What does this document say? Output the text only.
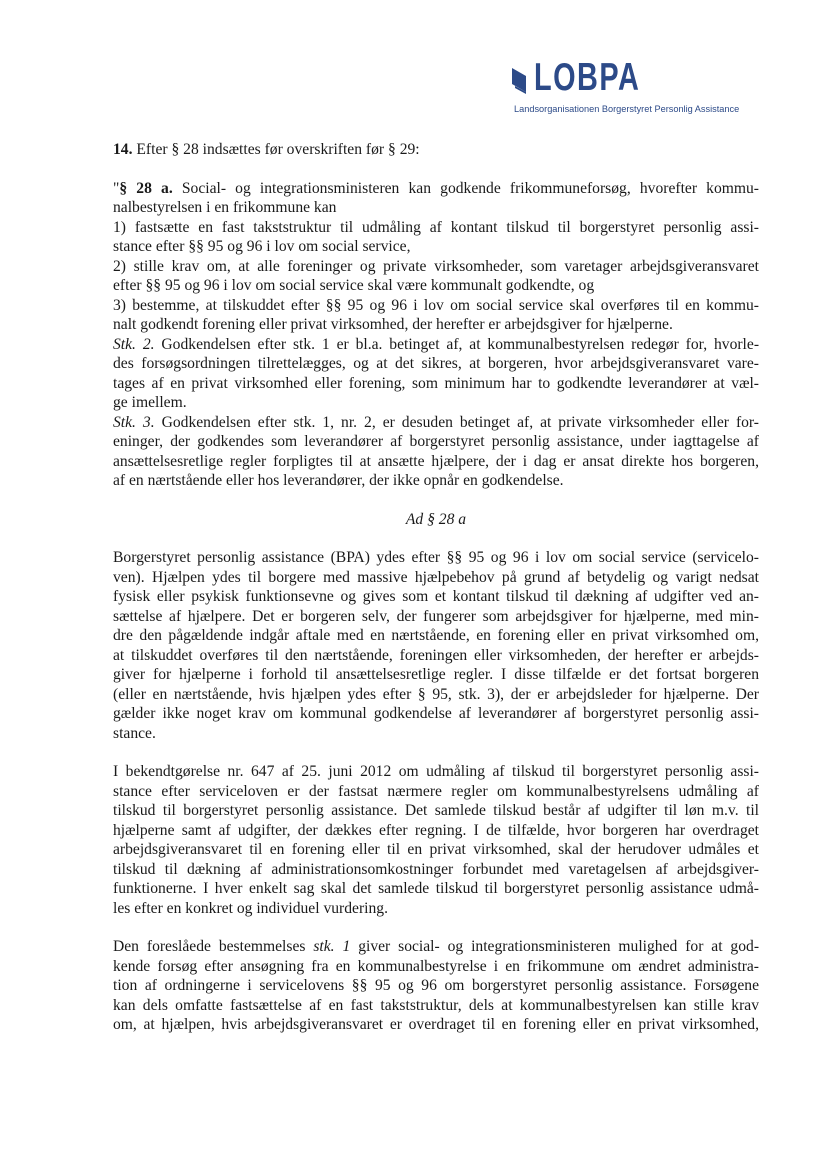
LOBPA
Landsorganisationen Borgerstyret Personlig Assistance
14. Efter § 28 indsættes før overskriften før § 29:
"§ 28 a. Social- og integrationsministeren kan godkende frikommuneforsøg, hvorefter kommu-
nalbestyrelsen i en frikommune kan
1) fastsætte en fast takststruktur til udmåling af kontant tilskud til borgerstyret personlig assi-
stance efter §§ 95 og 96 i lov om social service,
2) stille krav om, at alle foreninger og private virksomheder, som varetager arbejdsgiveransvaret
efter §§ 95 og 96 i lov om social service skal være kommunalt godkendte, og
3) bestemme, at tilskuddet efter §§ 95 og 96 i lov om social service skal overføres til en kommu-
nalt godkendt forening eller privat virksomhed, der herefter er arbejdsgiver for hjælperne.
Stk. 2. Godkendelsen efter stk. 1 er bl.a. betinget af, at kommunalbestyrelsen redegør for, hvorle-
des forsøgsordningen tilrettelægges, og at det sikres, at borgeren, hvor arbejdsgiveransvaret vare-
tages af en privat virksomhed eller forening, som minimum har to godkendte leverandører at væl-
ge imellem.
Stk. 3. Godkendelsen efter stk. 1, nr. 2, er desuden betinget af, at private virksomheder eller for-
eninger, der godkendes som leverandører af borgerstyret personlig assistance, under iagttagelse af
ansættelsesretlige regler forpligtes til at ansætte hjælpere, der i dag er ansat direkte hos borgeren,
af en nærtstående eller hos leverandører, der ikke opnår en godkendelse.
Ad § 28 a
Borgerstyret personlig assistance (BPA) ydes efter §§ 95 og 96 i lov om social service (servicelo-
ven). Hjælpen ydes til borgere med massive hjælpebehov på grund af betydelig og varigt nedsat
fysisk eller psykisk funktionsevne og gives som et kontant tilskud til dækning af udgifter ved an-
sættelse af hjælpere. Det er borgeren selv, der fungerer som arbejdsgiver for hjælperne, med min-
dre den pågældende indgår aftale med en nærtstående, en forening eller en privat virksomhed om,
at tilskuddet overføres til den nærtstående, foreningen eller virksomheden, der herefter er arbejds-
giver for hjælperne i forhold til ansættelsesretlige regler. I disse tilfælde er det fortsat borgeren
(eller en nærtstående, hvis hjælpen ydes efter § 95, stk. 3), der er arbejdsleder for hjælperne. Der
gælder ikke noget krav om kommunal godkendelse af leverandører af borgerstyret personlig assi-
stance.
I bekendtgørelse nr. 647 af 25. juni 2012 om udmåling af tilskud til borgerstyret personlig assi-
stance efter serviceloven er der fastsat nærmere regler om kommunalbestyrelsens udmåling af
tilskud til borgerstyret personlig assistance. Det samlede tilskud består af udgifter til løn m.v. til
hjælperne samt af udgifter, der dækkes efter regning. I de tilfælde, hvor borgeren har overdraget
arbejdsgiveransvaret til en forening eller til en privat virksomhed, skal der herudover udmåles et
tilskud til dækning af administrationsomkostninger forbundet med varetagelsen af arbejdsgiver-
funktionerne. I hver enkelt sag skal det samlede tilskud til borgerstyret personlig assistance udmå-
les efter en konkret og individuel vurdering.
Den foreslåede bestemmelses stk. 1 giver social- og integrationsministeren mulighed for at god-
kende forsøg efter ansøgning fra en kommunalbestyrelse i en frikommune om ændret administra-
tion af ordningerne i servicelovens §§ 95 og 96 om borgerstyret personlig assistance. Forsøgene
kan dels omfatte fastsættelse af en fast takststruktur, dels at kommunalbestyrelsen kan stille krav
om, at hjælpen, hvis arbejdsgiveransvaret er overdraget til en forening eller en privat virksomhed,
